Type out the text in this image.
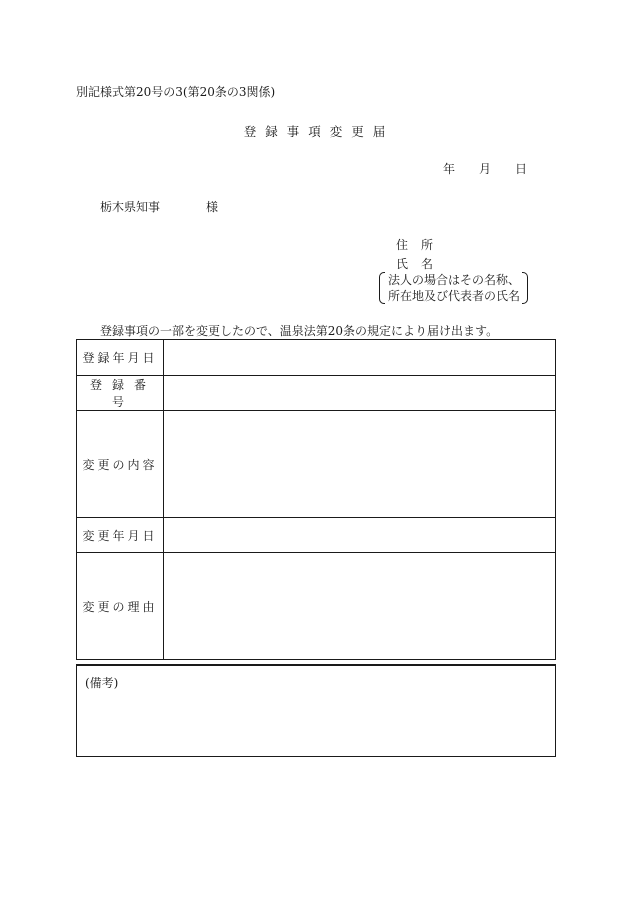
別記様式第20号の3(第20条の3関係)
登録事項変更届
年 月 日
栃木県知事	様
住所
氏名
法人の場合はその名称、
所在地及び代表者の氏名
登録事項の一部を変更したので、温泉法第20条の規定により届け出ます。
登録年月日	
登録番号	
変更の内容	
変更年月日	
変更の理由	
(備考)
